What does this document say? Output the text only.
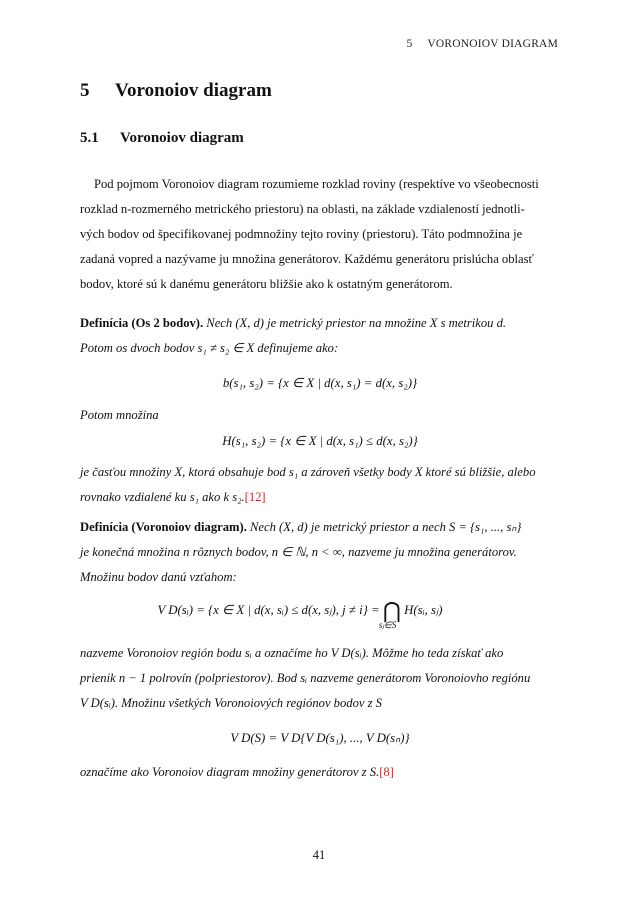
5 VORONOIOV DIAGRAM
5 Voronoiov diagram
5.1 Voronoiov diagram
Pod pojmom Voronoiov diagram rozumieme rozklad roviny (respektíve vo všeobecnosti
rozklad n-rozmerného metrického priestoru) na oblasti, na základe vzdialeností jednotli-
vých bodov od špecifikovanej podmnožiny tejto roviny (priestoru). Táto podmnožina je
zadaná vopred a nazývame ju množina generátorov. Každému generátoru prislúcha oblasť
bodov, ktoré sú k danému generátoru bližšie ako k ostatným generátorom.
Definícia (Os 2 bodov). Nech (X, d) je metrický priestor na množine X s metrikou d.
Potom os dvoch bodov s₁ ≠ s₂ ∈ X definujeme ako:
b(s₁, s₂) = {x ∈ X | d(x, s₁) = d(x, s₂)}
Potom množina
H(s₁, s₂) = {x ∈ X | d(x, s₁) ≤ d(x, s₂)}
je časťou množiny X, ktorá obsahuje bod s₁ a zároveň všetky body X ktoré sú bližšie, alebo
rovnako vzdialené ku s₁ ako k s₂.[12]
Definícia (Voronoiov diagram). Nech (X, d) je metrický priestor a nech S = {s₁, ..., sₙ}
je konečná množina n rôznych bodov, n ∈ ℕ, n < ∞, nazveme ju množina generátorov.
Množinu bodov danú vzťahom:
V D(sᵢ) = {x ∈ X | d(x, sᵢ) ≤ d(x, sⱼ), j ≠ i} = ⋂
sⱼ∈S
H(sᵢ, sⱼ)
nazveme Voronoiov región bodu sᵢ a označíme ho V D(sᵢ). Môžme ho teda získať ako
prienik n − 1 polrovín (polpriestorov). Bod sᵢ nazveme generátorom Voronoiovho regiónu
V D(sᵢ). Množinu všetkých Voronoiových regiónov bodov z S
V D(S) = V D{V D(s₁), ..., V D(sₙ)}
označíme ako Voronoiov diagram množiny generátorov z S.[8]
41
